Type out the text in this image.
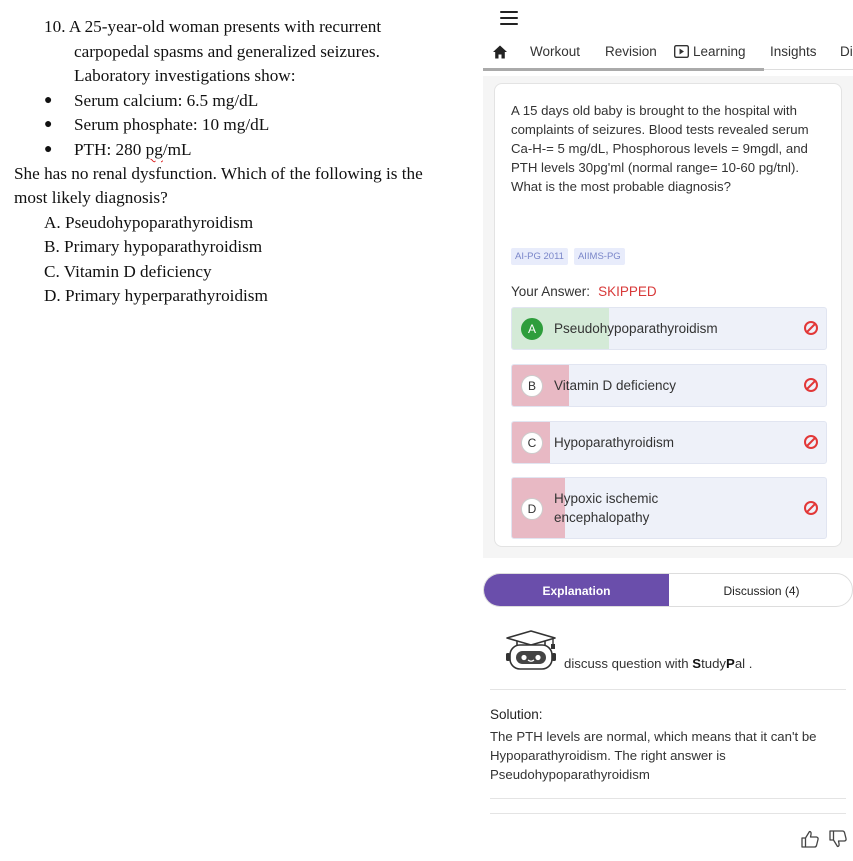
10. A 25-year-old woman presents with recurrent
carpopedal spasms and generalized seizures.
Laboratory investigations show:
● Serum calcium: 6.5 mg/dL
● Serum phosphate: 10 mg/dL
● PTH: 280 pg/mL
She has no renal dysfunction. Which of the following is the
most likely diagnosis?
A. Pseudohypoparathyroidism
B. Primary hypoparathyroidism
C. Vitamin D deficiency
D. Primary hyperparathyroidism
Workout Revision	Learning Insights Di
A 15 days old baby is brought to the hospital with complaints of seizures. Blood tests revealed serum Ca-H-= 5 mg/dL, Phosphorous levels = 9mgdl, and PTH levels 30pg'ml (normal range= 10-60 pg/tnl). What is the most probable diagnosis?
AI-PG 2011 AIIMS-PG
Your Answer: SKIPPED
A	Pseudohypoparathyroidism
B	Vitamin D deficiency
C	Hypoparathyroidism
D
Hypoxic ischemic encephalopathy
Explanation	Discussion (4)
discuss question with StudyPal .
Solution:
The PTH levels are normal, which means that it can't be Hypoparathyroidism. The right answer is Pseudohypoparathyroidism
